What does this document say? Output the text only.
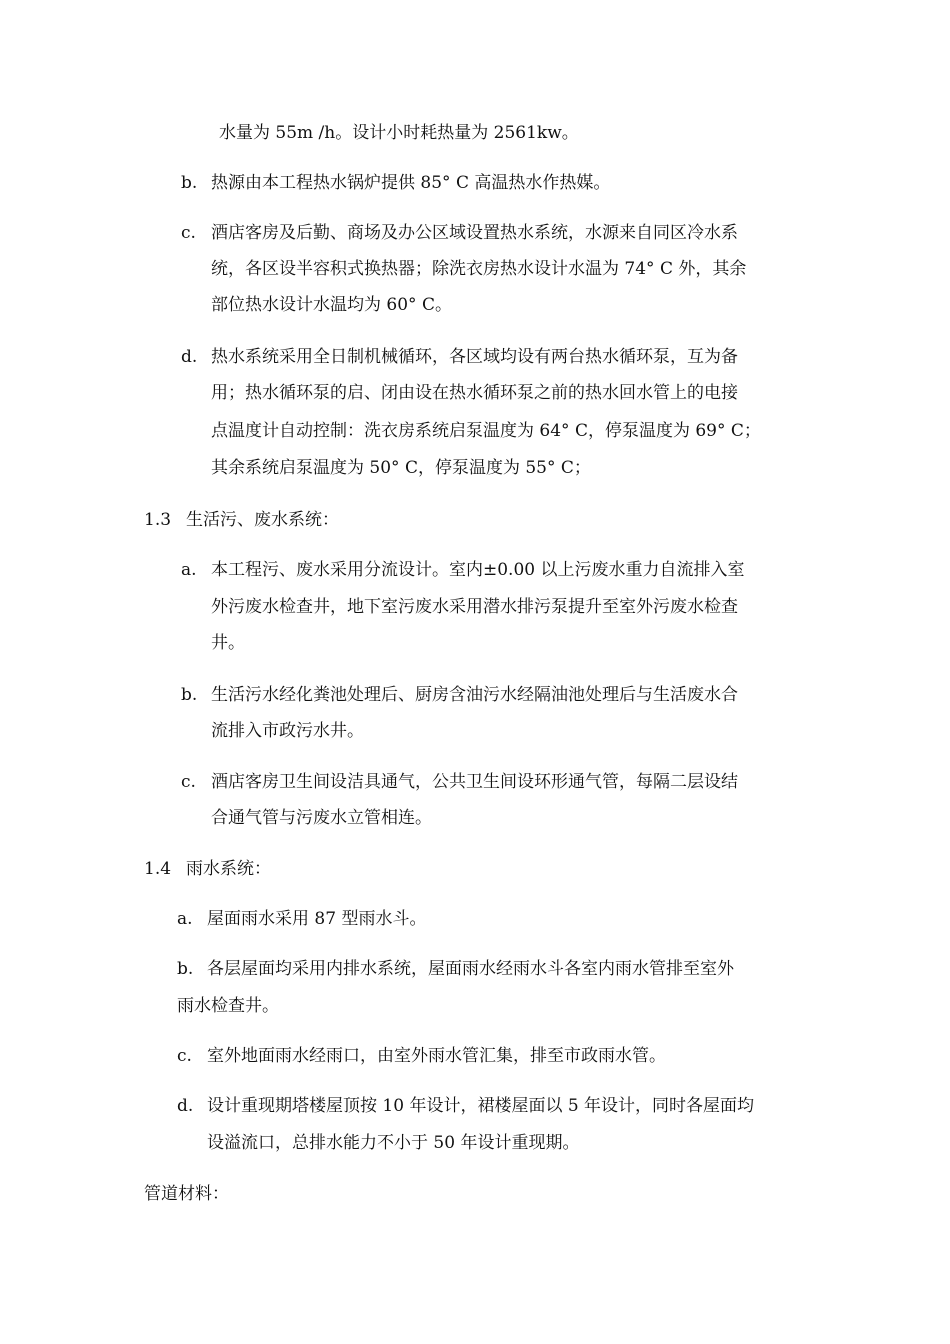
水量为 55m /h。设计小时耗热量为 2561kw。
b. 热源由本工程热水锅炉提供 85° C 高温热水作热媒。
c. 酒店客房及后勤、商场及办公区域设置热水系统，水源来自同区冷水系
统，各区设半容积式换热器；除洗衣房热水设计水温为 74° C 外，其余
部位热水设计水温均为 60° C。
d. 热水系统采用全日制机械循环，各区域均设有两台热水循环泵，互为备
用；热水循环泵的启、闭由设在热水循环泵之前的热水回水管上的电接
点温度计自动控制：洗衣房系统启泵温度为 64° C，停泵温度为 69° C；
其余系统启泵温度为 50° C，停泵温度为 55° C；
1.3 生活污、废水系统：
a. 本工程污、废水采用分流设计。室内±0.00 以上污废水重力自流排入室
外污废水检查井，地下室污废水采用潜水排污泵提升至室外污废水检查
井。
b. 生活污水经化粪池处理后、厨房含油污水经隔油池处理后与生活废水合
流排入市政污水井。
c. 酒店客房卫生间设洁具通气，公共卫生间设环形通气管，每隔二层设结
合通气管与污废水立管相连。
1.4 雨水系统：
a. 屋面雨水采用 87 型雨水斗。
b. 各层屋面均采用内排水系统，屋面雨水经雨水斗各室内雨水管排至室外
雨水检查井。
c. 室外地面雨水经雨口，由室外雨水管汇集，排至市政雨水管。
d. 设计重现期塔楼屋顶按 10 年设计，裙楼屋面以 5 年设计，同时各屋面均
设溢流口，总排水能力不小于 50 年设计重现期。
管道材料：
